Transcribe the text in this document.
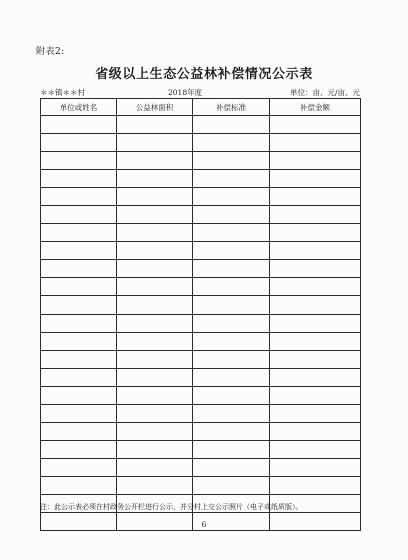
附表2:
省级以上生态公益林补偿情况公示表
＊＊镇＊＊村	2018年度	单位：亩、元/亩、元
单位或姓名	公益林面积	补偿标准	补偿金额

注：此公示表必须在村政务公开栏进行公示，并分村上交公示照片（电子或纸质版）。
6
